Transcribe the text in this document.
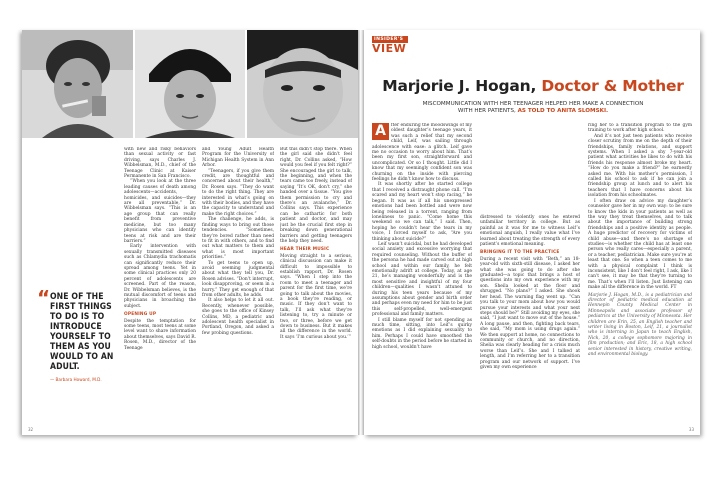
“ ONE OF THE FIRST THINGS TO DO IS TO INTRODUCE YOURSELF TO THEM AS YOU WOULD TO AN ADULT.
— Barbara Howard, M.D.

with new and risky behaviors than sexual activity or fast driving, says Charles J. Wibbelsman, M.D., chief of the Teenage Clinic at Kaiser Permanente in San Francisco.

“When you look at the three leading causes of death among adolescents—accidents, homicides, and suicides—they are all preventable,” Dr. Wibbelsman says. “This is an age group that can really benefit from preventive medicine, but too many physicians who can identify teens at risk and are their barriers.”

Early intervention with sexually transmitted diseases such as Chlamydia trachomatis can significantly reduce their spread among teens. Yet in some clinical practices only 20 percent of adolescents are screened. Part of the reason, Dr. Wibbelsman believes, is the mutual discomfort of teens and physicians in broaching the subject.

OPENING UP

Despite the temptation for some teens, most teens at some level want to share information about themselves, says David R. Rosen, M.D., director of the Teenage

and Young Adult Health Program for the University of Michigan Health System in Ann Arbor.

“Teenagers, if you give them credit, are thoughtful and concerned about their health,” Dr. Rosen says. “They do want to do the right thing. They are interested in what’s going on with their bodies, and they have the capacity to understand and make the right choices.”

The challenge, he adds, is finding ways to bring out those tendencies. “Sometimes, they’re bored rather than need to fit in with others, and to find out what matters to them and what is most important priorities.”

To get teens to open up, avoid seeming judgmental about what they tell you, Dr. Rosen advises. “Don’t interrupt, look disapproving, or seem in a hurry.” They get enough of that from other adults, he adds.

It also helps to let it all out. Recently, whenever possible, she goes to the office of Kinsey Collins, MD, a pediatric and adolescent health specialist in Portland, Oregon, and asked a few probing questions.

But this didn’t stop there. When the girl said she didn’t feel right, Dr. Collins asked, “How would you feel if you felt right?” She encouraged the girl to talk, the beginning, and when the tears came too freely, instead of saying “It’s OK, don’t cry,” she handed over a tissue. “You give them permission to cry and there’s an avalanche,” Dr. Collins says. This experience can be cathartic for both patient and doctor, and may just be the crucial first step in breaking down generational barriers and getting teenagers the help they need.

HEAR THEIR MUSIC

Moving straight to a serious, clinical discussion can make it difficult to impossible to establish rapport, Dr. Rosen says. “When I step into the room to meet a teenager and parent for the first time, we’re going to talk about the movies, a book they’re reading, or music. If they don’t want to talk, I’ll ask what they’re listening to, try a minute or two, or three, before we get down to business. But it makes all the difference in the world. It says ‘I’m curious about you.’”

32
INSIDER'S
VIEW
Marjorie J. Hogan, Doctor & Mother
MISCOMMUNICATION WITH HER TEENAGER HELPED HER MAKE A CONNECTION
WITH HER PATIENTS, AS TOLD TO ANITA SLOMSKI.

A	fter enduring the moodswings of my oldest daughter’s teenage years, it was such a relief that my second child, Leif, was sailing through adolescence with ease: a glitch. Leif gave me no occasion to worry about him. That’s been my first son, straightforward and uncomplicated. Or so I thought. Little did I know that my seemingly confident son was churning on the inside with piercing feelings he didn’t know how to discuss.

It was shortly after he started college that I received a distraught phone call. “I’m scared and my heart won’t stop racing,” he began. It was as if all his unexpressed emotions had been bottled and were now being released in a torrent, ranging from loneliness to panic. “Come home this weekend so we can talk,” I said. Then, hoping he couldn’t hear the tears in my voice, I forced myself to ask, “Are you thinking about suicide?”

Leif wasn’t suicidal, but he had developed social anxiety and excessive worrying that required counseling. Without the buffer of the persona he had made carved out at high school and within our family, he felt emotionally adrift at college. Today, at age 21, he’s managing wonderfully and is the most sensitive and insightful of my four children—qualities I wasn’t attuned to during his teen years because of my assumptions about gender and birth order and perhaps even my need for him to be just this self-propelled, well-emergent professional and family matters.

I still blame myself for not spending as much time, sitting, into Leif’s quirky emotions as I did explaining sexuality to him. Perhaps I could have smoothed the self-doubts in the period before he started in high school, wouldn’t have

distressed to violently ones he entered unfamiliar territory in college. But as painful as it was for me to witness Leif’s emotional anguish, I really value what I’ve learned about treating the strength of every patient’s emotional meaning.

BRINGING IT TO THE PRACTICE

During a recent visit with “Beth,” an 18-year-old with sixth-still disease, I asked her what she was going to do after she graduated—a topic that brings a host of questions into my own experience with my son. Sheila looked at the floor and shrugged. “No plans?” I asked. She shook her head. The warning flag went up. “Can you talk to your mom about how you would pursue your interests and what your next steps should be?” Still avoiding my eyes, she said, “I just want to move out of the house.” A long pause, and then, fighting back tears, she said, “My mom is using drugs again.” We then support at home, no connections to community or church, and no direction, Shelia was clearly heading for a crisis much worse than Leif’s. She and I talked at length, and I’m referring her to a transition program and our network of support. I’ve given my own experience

ring her to a transition program to the gym training to work after high school.

And it’s not just teen patients who receive closer scrutiny from me on the depth of their friendships, family relations, and support systems. When I asked a shy 7-year-old patient what activities he likes to do with his friends his response almost broke my heart. “How do you make a friend?” he earnestly asked me. With his mother’s permission, I called his school to ask if he can join a friendship group at lunch and to alert his teachers that I have concerns about his isolation from his schoolmates.

I often draw on advice my daughter’s counselor gave her in my own way: to be sure to know the kids in your patients as well as the way they treat themselves, and to talk about the importance of building strong friendships and a positive identity as people. A huge predictor of recovery for victims of child abuse—and there’s no shortage of studies—is whether the child has at least one person who really cares—especially a parent, or a teacher, pediatrician. Make sure you’re at least that one. So when a teen comes to me with a physical complaint I think is inconsistent, like I don’t feel right, I ask, like I can’t see, it may be that they’re turning to me. That’s when I’ll listen. Just listening can make all the difference in the world. FT

Marjorie J. Hogan, M.D., is a pediatrician and director of pediatric medical education at Hennepin County Medical Center in Minneapolis and associate professor of pediatrics at the University of Minnesota. Her children are Erin, 25, an English teacher and writer living in Boston, Leif, 21, a journalist who is interning in Japan to teach English, Nick, 20, a college sophomore majoring in film production; and Eric, 18, a high school senior interested in history, creative writing, and environmental biology.

33
